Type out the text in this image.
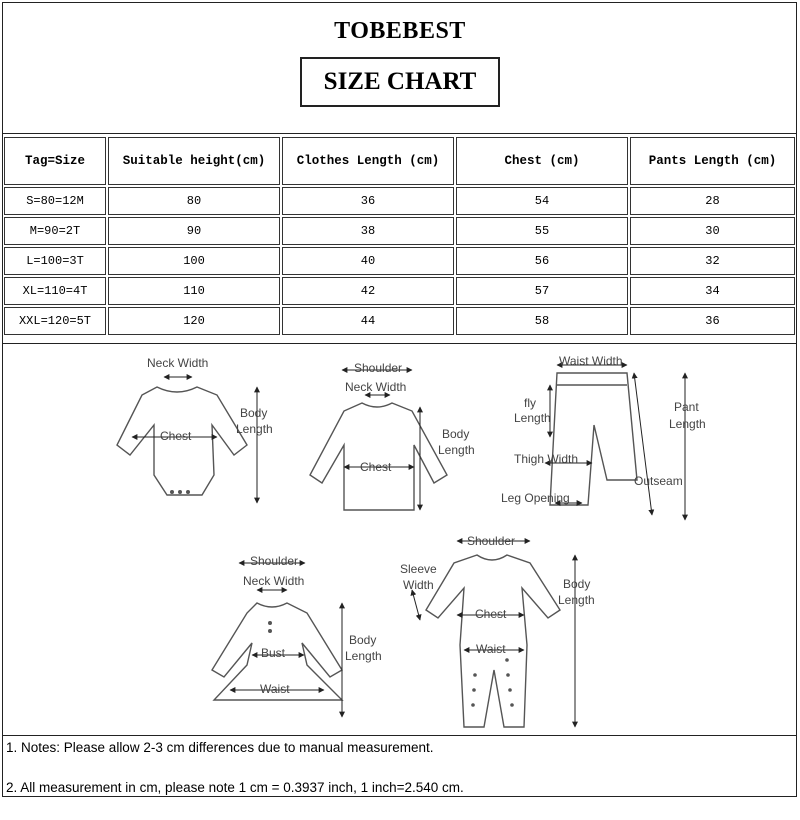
TOBEBEST
SIZE CHART
Tag=Size	Suitable height(cm)	Clothes Length (cm)	Chest (cm)	Pants Length (cm)
S=80=12M	80	36	54	28
M=90=2T	90	38	55	30
L=100=3T	100	40	56	32
XL=110=4T	110	42	57	34
XXL=120=5T	120	44	58	36
Neck Width
Chest
Body
Length
Shoulder
Neck Width
Chest
Body
Length
Waist Width
fly
Length
Thigh Width
Leg Opening
Pant
Length
Outseam
Shoulder
Neck Width
Bust
Waist
Body
Length
Shoulder
Sleeve
Width
Chest
Waist
Body
Length
1. Notes: Please allow 2-3 cm differences due to manual measurement.
2. All measurement in cm, please note 1 cm = 0.3937 inch, 1 inch=2.540 cm.
